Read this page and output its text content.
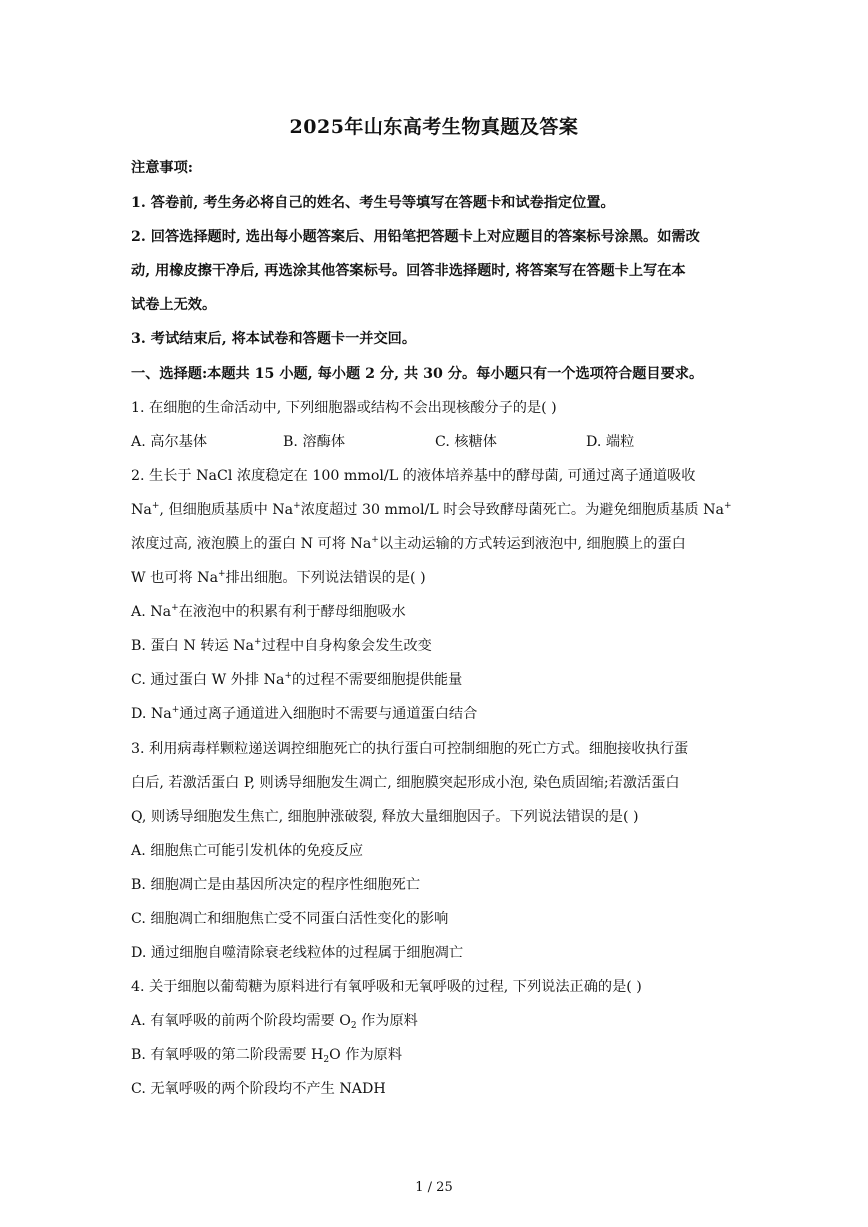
2025年山东高考生物真题及答案
注意事项:
1. 答卷前, 考生务必将自己的姓名、考生号等填写在答题卡和试卷指定位置。
2. 回答选择题时, 选出每小题答案后、用铅笔把答题卡上对应题目的答案标号涂黑。如需改
动, 用橡皮擦干净后, 再选涂其他答案标号。回答非选择题时, 将答案写在答题卡上写在本
试卷上无效。
3. 考试结束后, 将本试卷和答题卡一并交回。
一、选择题:本题共 15 小题, 每小题 2 分, 共 30 分。每小题只有一个选项符合题目要求。
1. 在细胞的生命活动中, 下列细胞器或结构不会出现核酸分子的是( )
A. 高尔基体	B. 溶酶体	C. 核糖体	D. 端粒
2. 生长于 NaCl 浓度稳定在 100 mmol/L 的液体培养基中的酵母菌, 可通过离子通道吸收
Na+, 但细胞质基质中 Na+浓度超过 30 mmol/L 时会导致酵母菌死亡。为避免细胞质基质 Na+
浓度过高, 液泡膜上的蛋白 N 可将 Na+以主动运输的方式转运到液泡中, 细胞膜上的蛋白
W 也可将 Na+排出细胞。下列说法错误的是( )
A. Na+在液泡中的积累有利于酵母细胞吸水
B. 蛋白 N 转运 Na+过程中自身构象会发生改变
C. 通过蛋白 W 外排 Na+的过程不需要细胞提供能量
D. Na+通过离子通道进入细胞时不需要与通道蛋白结合
3. 利用病毒样颗粒递送调控细胞死亡的执行蛋白可控制细胞的死亡方式。细胞接收执行蛋
白后, 若激活蛋白 P, 则诱导细胞发生凋亡, 细胞膜突起形成小泡, 染色质固缩;若激活蛋白
Q, 则诱导细胞发生焦亡, 细胞肿涨破裂, 释放大量细胞因子。下列说法错误的是( )
A. 细胞焦亡可能引发机体的免疫反应
B. 细胞凋亡是由基因所决定的程序性细胞死亡
C. 细胞凋亡和细胞焦亡受不同蛋白活性变化的影响
D. 通过细胞自噬清除衰老线粒体的过程属于细胞凋亡
4. 关于细胞以葡萄糖为原料进行有氧呼吸和无氧呼吸的过程, 下列说法正确的是( )
A. 有氧呼吸的前两个阶段均需要 $O_2$ 作为原料
B. 有氧呼吸的第二阶段需要 $H_2O$ 作为原料
C. 无氧呼吸的两个阶段均不产生 NADH
1 / 25
